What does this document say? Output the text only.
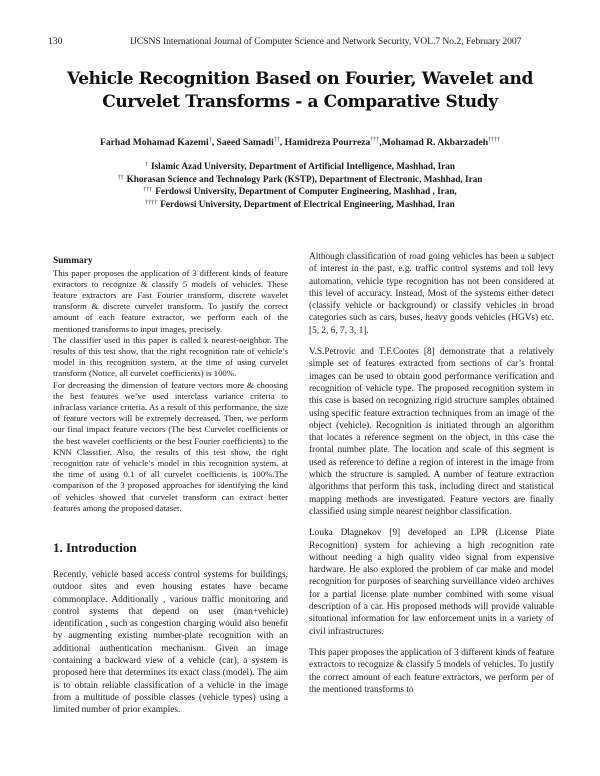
130	IJCSNS International Journal of Computer Science and Network Security, VOL.7 No.2, February 2007
Vehicle Recognition Based on Fourier, Wavelet and
Curvelet Transforms - a Comparative Study
Farhad Mohamad Kazemi†, Saeed Samadi††, Hamidreza Pourreza†††,Mohamad R. Akbarzadeh††††
† Islamic Azad University, Department of Artificial Intelligence, Mashhad, Iran
†† Khorasan Science and Technology Park (KSTP), Department of Electronic, Mashhad, Iran
††† Ferdowsi University, Department of Computer Engineering, Mashhad , Iran,
†††† Ferdowsi University, Department of Electrical Engineering, Mashhad, Iran
Summary

This paper proposes the application of 3 different kinds of feature extractors to recognize & classify 5 models of vehicles. These feature extractors are Fast Fourier transform, discrete wavelet transform & discrete curvelet transform. To justify the correct amount of each feature extractor, we perform each of the mentioned transforms to input images, precisely.

The classifier used in this paper is called k nearest-neighbor. The results of this test show, that the right recognition rate of vehicle’s model in this recognition system, at the time of using curvelet transform (Notice, all curvelet coefficients) is 100%.

For decreasing the dimension of feature vectors more & choosing the best features we’ve used interclass variance criteria to infraclass variance criteria. As a result of this performance, the size of feature vectors will be extremely decreased. Then, we perform our final impact feature vectors (The best Curvelet coefficients or the best wavelet coefficients or the best Fourier coefficients) to the KNN Classifier. Also, the results of this test show, the right recognition rate of vehicle’s model in this recognition system, at the time of using 0.1 of all curvelet coefficients is 100%.The comparison of the 3 proposed approaches for identifying the kind of vehicles showed that curvelet transform can extract better features among the proposed dataset.

1. Introduction

Recently, vehicle based access control systems for buildings, outdoor sites and even housing estates have became commonplace. Additionally , various traffic monitoring and control systems that depend on user (man+vehicle) identification , such as congestion charging would also benefit by augmenting existing number-plate recognition with an additional authentication mechanism. Given an image containing a backward view of a vehicle (car), a system is proposed here that determines its exact class (model). The aim is to obtain reliable classification of a vehicle in the image from a multitude of possible classes (vehicle types) using a limited number of prior examples.

Although classification of road going vehicles has been a subject of interest in the past, e.g. traffic control systems and toll levy automation, vehicle type recognition has not been considered at this level of accuracy. Instead, Most of the systems either detect (classify vehicle or background) or classify vehicles in broad categories such as cars, buses, heavy goods vehicles (HGVs) etc. [5, 2, 6, 7, 3, 1].

V.S.Petrovic and T.F.Cootes [8] demonstrate that a relatively simple set of features extracted from sections of car’s frontal images can be used to obtain good performance verification and recognition of vehicle type. The proposed recognition system in this case is based on recognizing rigid structure samples obtained using specific feature extraction techniques from an image of the object (vehicle). Recognition is initiated through an algorithm that locates a reference segment on the object, in this case the frontal number plate. The location and scale of this segment is used as reference to define a region of interest in the image from which the structure is sampled. A number of feature extraction algorithms that perform this task, including direct and statistical mapping methods are investigated. Feature vectors are finally classified using simple nearest neighbor classification.

Louka Dlagnekov [9] developed an LPR (License Plate Recognition) system for achieving a high recognition rate without needing a high quality video signal from expensive hardware. He also explored the problem of car make and model recognition for purposes of searching surveillance video archives for a partial license plate number combined with some visual description of a car. His proposed methods will provide valuable situational information for law enforcement units in a variety of civil infrastructures.

This paper proposes the application of 3 different kinds of feature extractors to recognize & classify 5 models of vehicles. To justify the correct amount of each feature extractors, we perform per of the mentioned transforms to
